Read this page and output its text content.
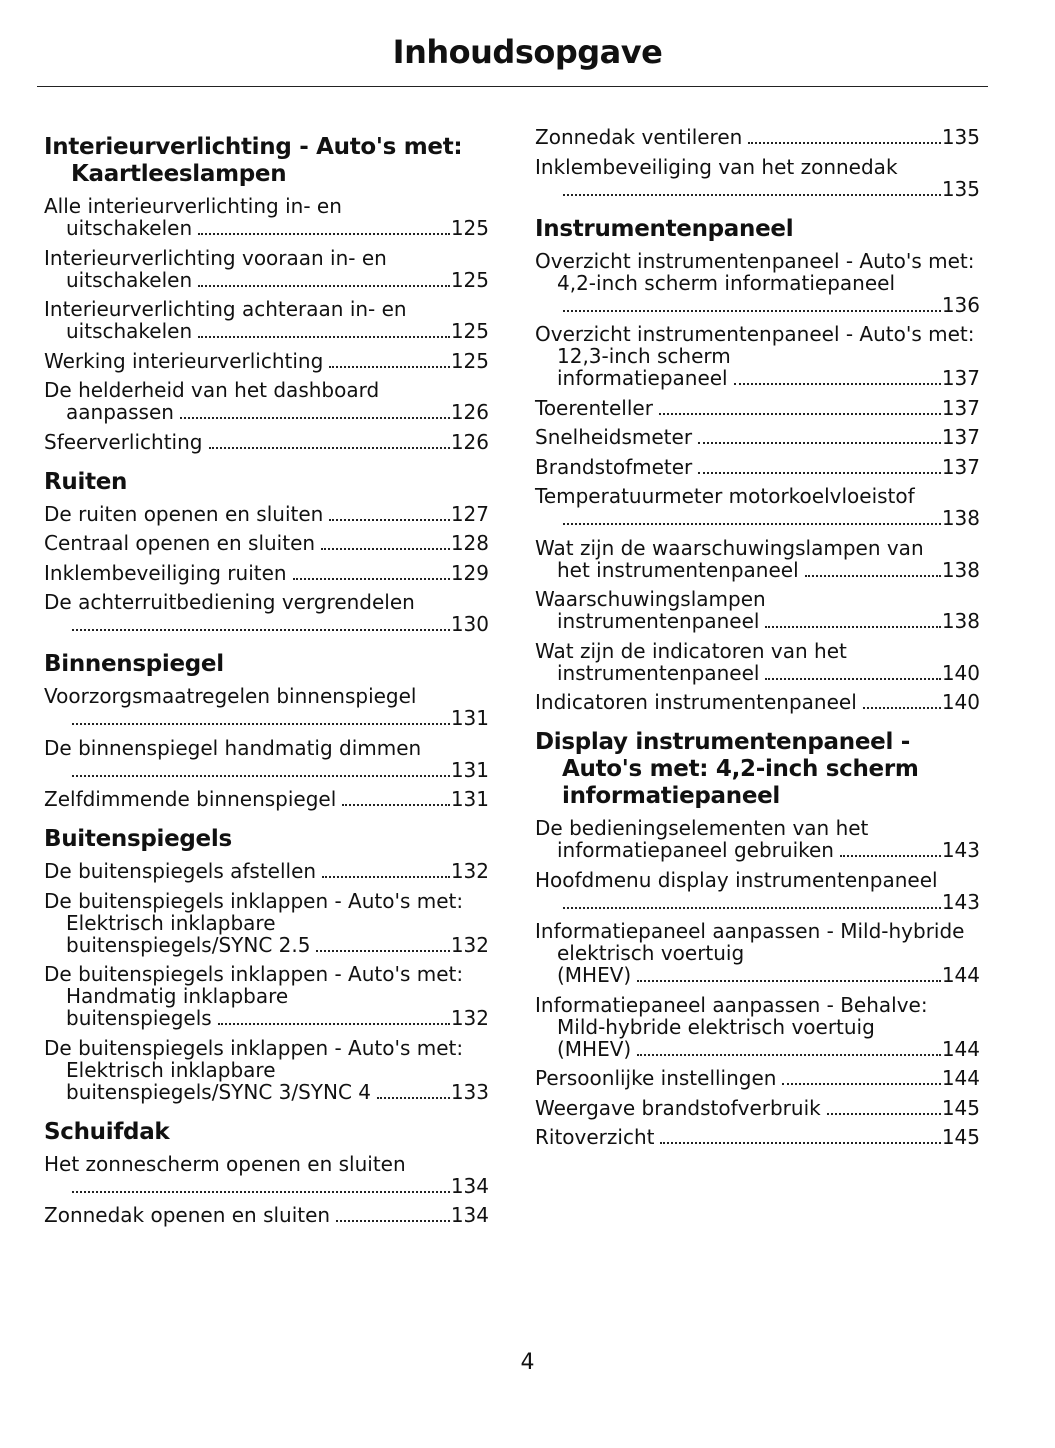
Inhoudsopgave
Interieurverlichting - Auto's met: Kaartleeslampen
Alle interieurverlichting in- en
uitschakelen	125
Interieurverlichting vooraan in- en
uitschakelen	125
Interieurverlichting achteraan in- en
uitschakelen	125
Werking interieurverlichting	125
De helderheid van het dashboard
aanpassen	126
Sfeerverlichting	126
Ruiten
De ruiten openen en sluiten	127
Centraal openen en sluiten	128
Inklembeveiliging ruiten	129
De achterruitbediening vergrendelen
130
Binnenspiegel
Voorzorgsmaatregelen binnenspiegel
131
De binnenspiegel handmatig dimmen
131
Zelfdimmende binnenspiegel	131
Buitenspiegels
De buitenspiegels afstellen	132
De buitenspiegels inklappen - Auto's met: Elektrisch inklapbare
buitenspiegels/SYNC 2.5	132
De buitenspiegels inklappen - Auto's met: Handmatig inklapbare
buitenspiegels	132
De buitenspiegels inklappen - Auto's met: Elektrisch inklapbare
buitenspiegels/SYNC 3/SYNC 4	133
Schuifdak
Het zonnescherm openen en sluiten
134
Zonnedak openen en sluiten	134
Zonnedak ventileren	135
Inklembeveiliging van het zonnedak
135
Instrumentenpaneel
Overzicht instrumentenpaneel - Auto's met: 4,2-inch scherm informatiepaneel
136
Overzicht instrumentenpaneel - Auto's met: 12,3-inch scherm
informatiepaneel	137
Toerenteller	137
Snelheidsmeter	137
Brandstofmeter	137
Temperatuurmeter motorkoelvloeistof
138
Wat zijn de waarschuwingslampen van
het instrumentenpaneel	138
Waarschuwingslampen
instrumentenpaneel	138
Wat zijn de indicatoren van het
instrumentenpaneel	140
Indicatoren instrumentenpaneel	140
Display instrumentenpaneel - Auto's met: 4,2-inch scherm informatiepaneel
De bedieningselementen van het
informatiepaneel gebruiken	143
Hoofdmenu display instrumentenpaneel
143
Informatiepaneel aanpassen - Mild-hybride elektrisch voertuig
(MHEV)	144
Informatiepaneel aanpassen - Behalve: Mild-hybride elektrisch voertuig
(MHEV)	144
Persoonlijke instellingen	144
Weergave brandstofverbruik	145
Ritoverzicht	145
4
